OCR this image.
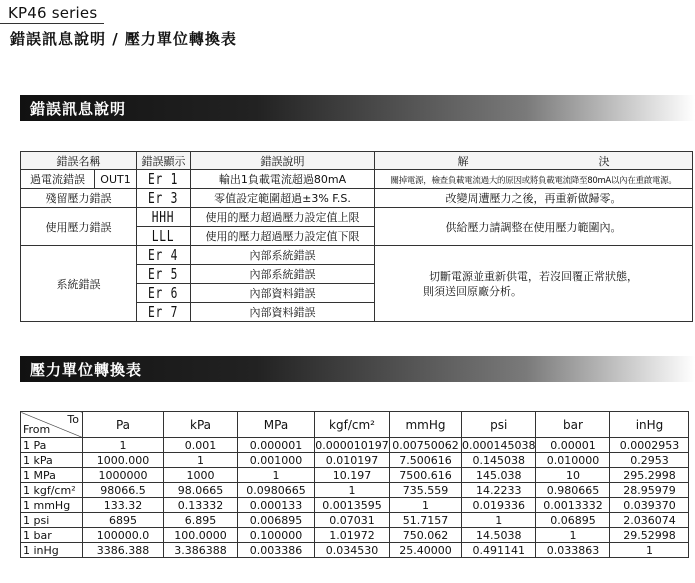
KP46 series
錯誤訊息說明 / 壓力單位轉換表
錯誤訊息說明
錯誤名稱		錯誤顯示	錯誤說明	解 決
過電流錯誤	OUT1	Er 1	輸出1負載電流超過80mA	關掉電源，檢查負載電流過大的原因或將負載電流降至80mA以內在重啟電源。
殘留壓力錯誤		Er 3	零值設定範圍超過±3% F.S.	改變周遭壓力之後，再重新做歸零。
使用壓力錯誤		HHH	使用的壓力超過壓力設定值上限	供給壓力請調整在使用壓力範圍內。
		LLL	使用的壓力超過壓力設定值下限	
系統錯誤		Er 4	內部系統錯誤	切斷電源並重新供電，若沒回覆正常狀態，
則須送回原廠分析。

		Er 5	內部系統錯誤	
		Er 6	內部資料錯誤	
		Er 7	內部資料錯誤	
壓力單位轉換表
To
From	Pa	kPa	MPa	kgf/cm²	mmHg	psi	bar	inHg
1 Pa	1	0.001	0.000001	0.000010197	0.00750062	0.000145038	0.00001	0.0002953
1 kPa	1000.000	1	0.001000	0.010197	7.500616	0.145038	0.010000	0.2953
1 MPa	1000000	1000	1	10.197	7500.616	145.038	10	295.2998
1 kgf/cm²	98066.5	98.0665	0.0980665	1	735.559	14.2233	0.980665	28.95979
1 mmHg	133.32	0.13332	0.000133	0.0013595	1	0.019336	0.0013332	0.039370
1 psi	6895	6.895	0.006895	0.07031	51.7157	1	0.06895	2.036074
1 bar	100000.0	100.0000	0.100000	1.01972	750.062	14.5038	1	29.52998
1 inHg	3386.388	3.386388	0.003386	0.034530	25.40000	0.491141	0.033863	1
